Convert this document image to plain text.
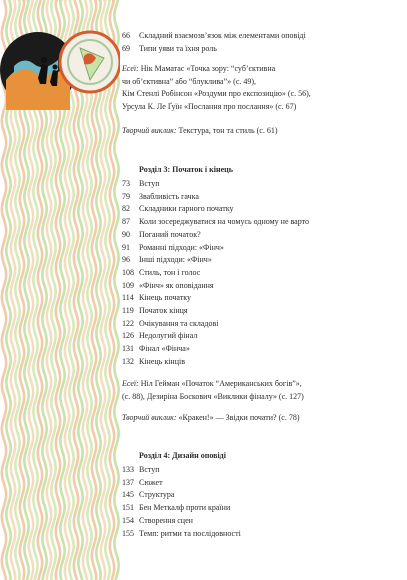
66 Складний взаємозв’язок між елементами оповіді
69 Типи уяви та їхня роль
Есеї: Нік Маматас «Точка зору: “суб’єктивна
чи об’єктивна” або “блуклива”» (с. 49),
Кім Стенлі Робінсон «Роздуми про експозицію» (с. 56),
Урсула К. Ле Ґуїн «Послання про послання» (с. 67)
Творчий виклик: Текстура, тон та стиль (с. 61)
Розділ 3: Початок і кінець
73 Вступ
79 Звабливість гачка
82 Складники гарного початку
87 Коли зосереджуватися на чомусь одному не варто
90 Поганий початок?
91 Романні підходи: «Фінч»
96 Інші підходи: «Фінч»
108 Стиль, тон і голос
109 «Фінч» як оповідання
114 Кінець початку
119 Початок кінця
122 Очікування та складові
126 Недолугий фінал
131 Фінал «Фінча»
132 Кінець кінців
Есеї: Ніл Гейман «Початок “Американських богів”»,
(с. 88), Дезиріна Боскович «Виклики фіналу» (с. 127)
Творчий виклик: «Кракен!» — Звідки почати? (с. 78)
Розділ 4: Дизайн оповіді
133 Вступ
137 Сюжет
145 Структура
151 Бен Меткалф проти країни
154 Створення сцен
155 Темп: ритми та послідовності
